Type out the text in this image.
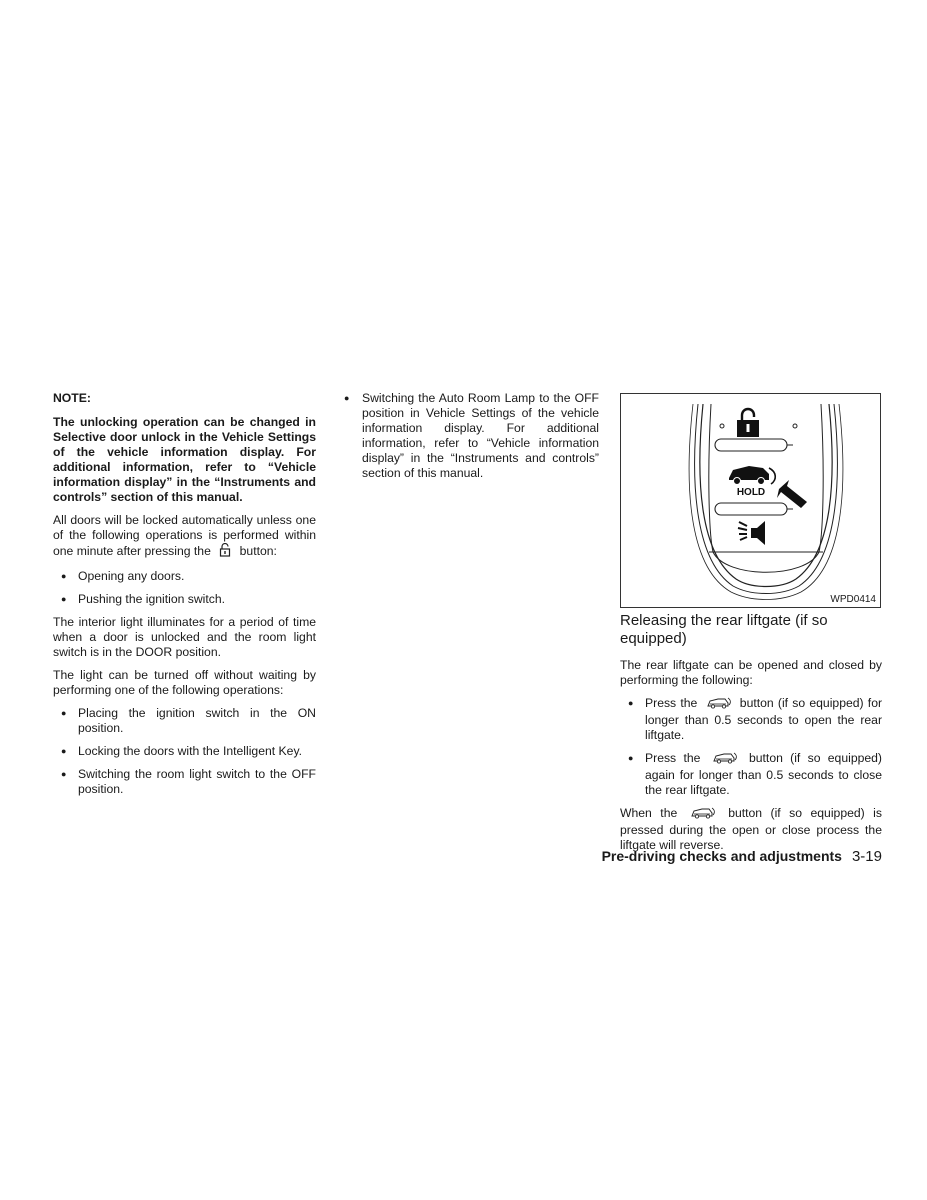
NOTE:

The unlocking operation can be changed in Selective door unlock in the Vehicle Settings of the vehicle information display. For additional information, refer to “Vehicle information display” in the “Instruments and controls” section of this manual.

All doors will be locked automatically unless one of the following operations is performed within one minute after pressing the button:

● Opening any doors.
● Pushing the ignition switch.

The interior light illuminates for a period of time when a door is unlocked and the room light switch is in the DOOR position.

The light can be turned off without waiting by performing one of the following operations:

● Placing the ignition switch in the ON position.
● Locking the doors with the Intelligent Key.
● Switching the room light switch to the OFF position.
● Switching the Auto Room Lamp to the OFF position in Vehicle Settings of the vehicle information display. For additional information, refer to “Vehicle information display” in the “Instruments and controls” section of this manual.
HOLD
WPD0414
Releasing the rear liftgate (if so equipped)

The rear liftgate can be opened and closed by performing the following:

● Press the	button (if so equipped) for longer than 0.5 seconds to open the rear liftgate.
● Press the	button (if so equipped) again for longer than 0.5 seconds to close the rear liftgate.

When the	button (if so equipped) is pressed during the open or close process the liftgate will reverse.

Pre-driving checks and adjustments 3-19
